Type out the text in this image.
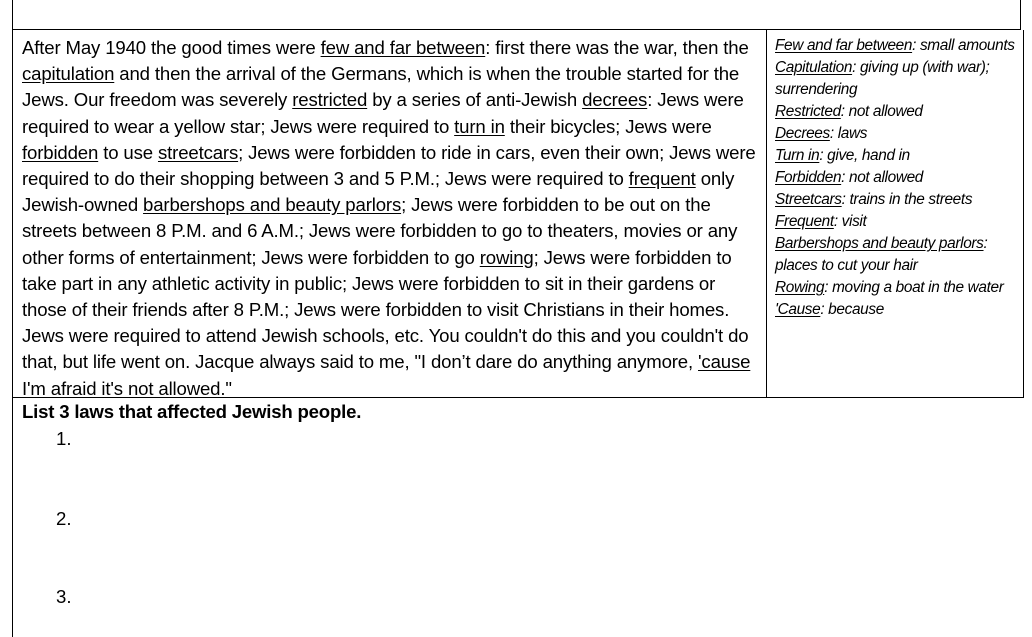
After May 1940 the good times were few and far between: first there was the war, then the capitulation and then the arrival of the Germans, which is when the trouble started for the Jews. Our freedom was severely restricted by a series of anti-Jewish decrees: Jews were required to wear a yellow star; Jews were required to turn in their bicycles; Jews were forbidden to use streetcars; Jews were forbidden to ride in cars, even their own; Jews were required to do their shopping between 3 and 5 P.M.; Jews were required to frequent only Jewish-owned barbershops and beauty parlors; Jews were forbidden to be out on the streets between 8 P.M. and 6 A.M.; Jews were forbidden to go to theaters, movies or any other forms of entertainment; Jews were forbidden to go rowing; Jews were forbidden to take part in any athletic activity in public; Jews were forbidden to sit in their gardens or those of their friends after 8 P.M.; Jews were forbidden to visit Christians in their homes. Jews were required to attend Jewish schools, etc. You couldn't do this and you couldn't do that, but life went on. Jacque always said to me, "I don’t dare do anything anymore, 'cause I'm afraid it's not allowed."
Few and far between: small amounts
Capitulation: giving up (with war); surrendering
Restricted: not allowed
Decrees: laws
Turn in: give, hand in
Forbidden: not allowed
Streetcars: trains in the streets
Frequent: visit
Barbershops and beauty parlors: places to cut your hair
Rowing: moving a boat in the water
'Cause: because
List 3 laws that affected Jewish people.
1.
2.
3.
